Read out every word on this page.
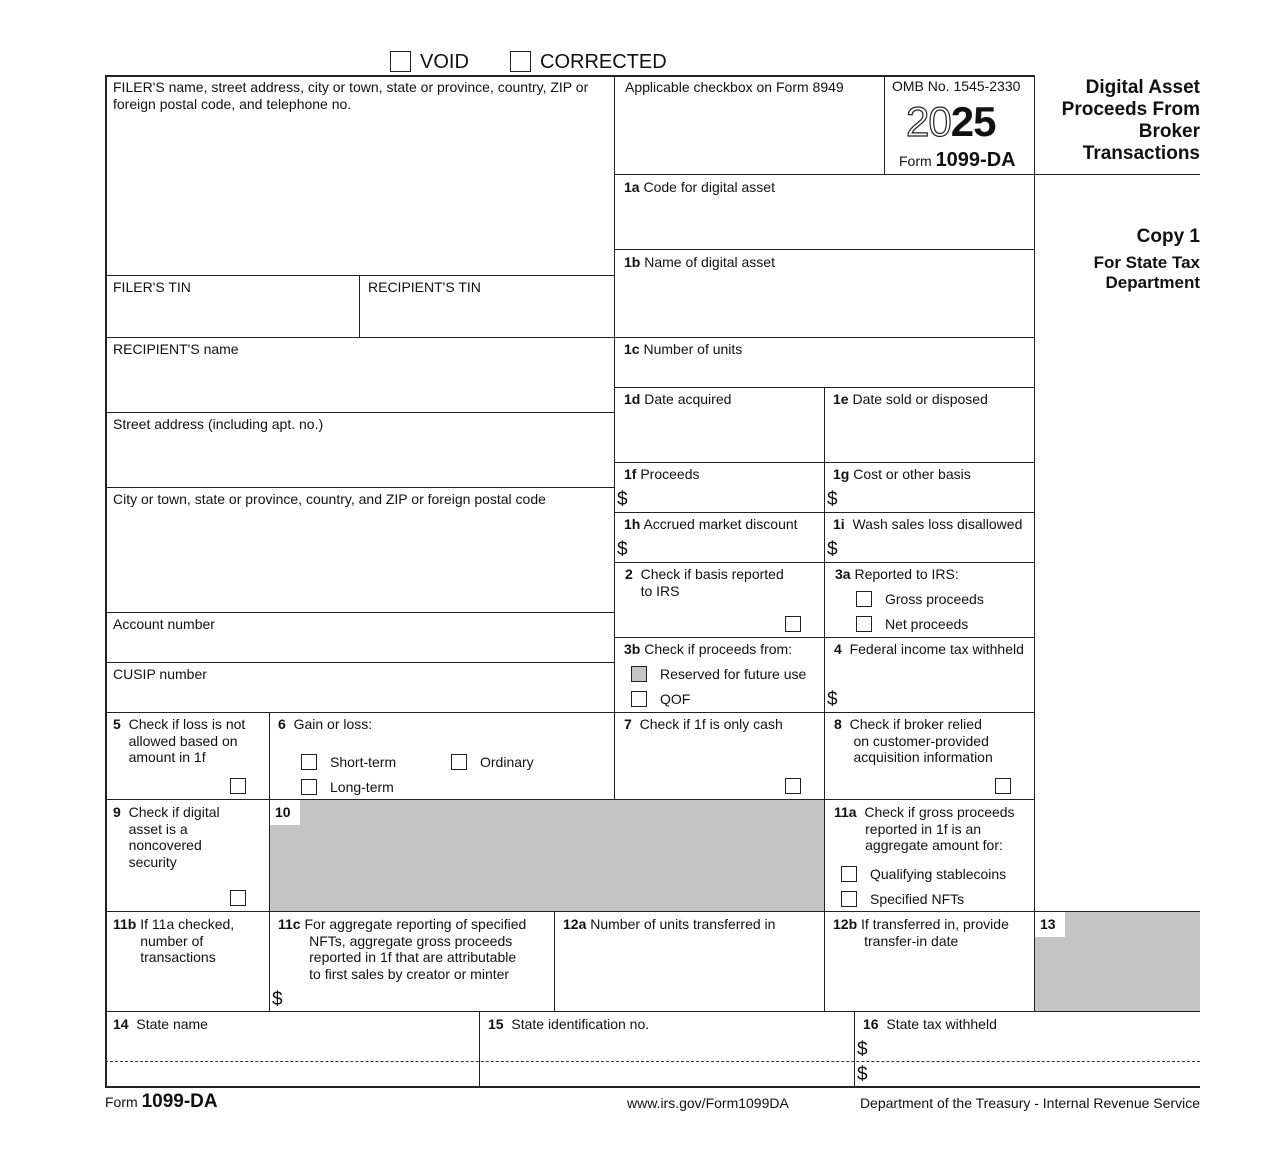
VOID	CORRECTED
FILER'S name, street address, city or town, state or province, country, ZIP or foreign postal code, and telephone no.
FILER'S TIN	RECIPIENT'S TIN
RECIPIENT'S name
Street address (including apt. no.)
City or town, state or province, country, and ZIP or foreign postal code
Account number
CUSIP number
Applicable checkbox on Form 8949	OMB No. 1545-2330
2025
Form 1099-DA
Digital Asset
Proceeds From
Broker
Transactions
Copy 1
For State Tax
Department
1a Code for digital asset
1b Name of digital asset
1c Number of units
1d Date acquired	1e Date sold or disposed
1f Proceeds
$
1g Cost or other basis
$
1h Accrued market discount
$
1i Wash sales loss disallowed
$
2 Check if basis reported
to IRS
3a Reported to IRS:
Gross proceeds
Net proceeds
3b Check if proceeds from:
Reserved for future use
QOF
4 Federal income tax withheld
$
5 Check if loss is not
allowed based on
amount in 1f
6 Gain or loss:
Short-term	Ordinary
Long-term
7 Check if 1f is only cash	8 Check if broker relied
on customer-provided
acquisition information
9 Check if digital
asset is a
noncovered
security
10	11a Check if gross proceeds
reported in 1f is an
aggregate amount for:
Qualifying stablecoins
Specified NFTs
11b If 11a checked,
number of
transactions
11c For aggregate reporting of specified
NFTs, aggregate gross proceeds
reported in 1f that are attributable
to first sales by creator or minter
$
12a Number of units transferred in	12b If transferred in, provide
transfer-in date
13
14 State name	15 State identification no.	16 State tax withheld
$
$
Form 1099-DA	www.irs.gov/Form1099DA	Department of the Treasury - Internal Revenue Service
